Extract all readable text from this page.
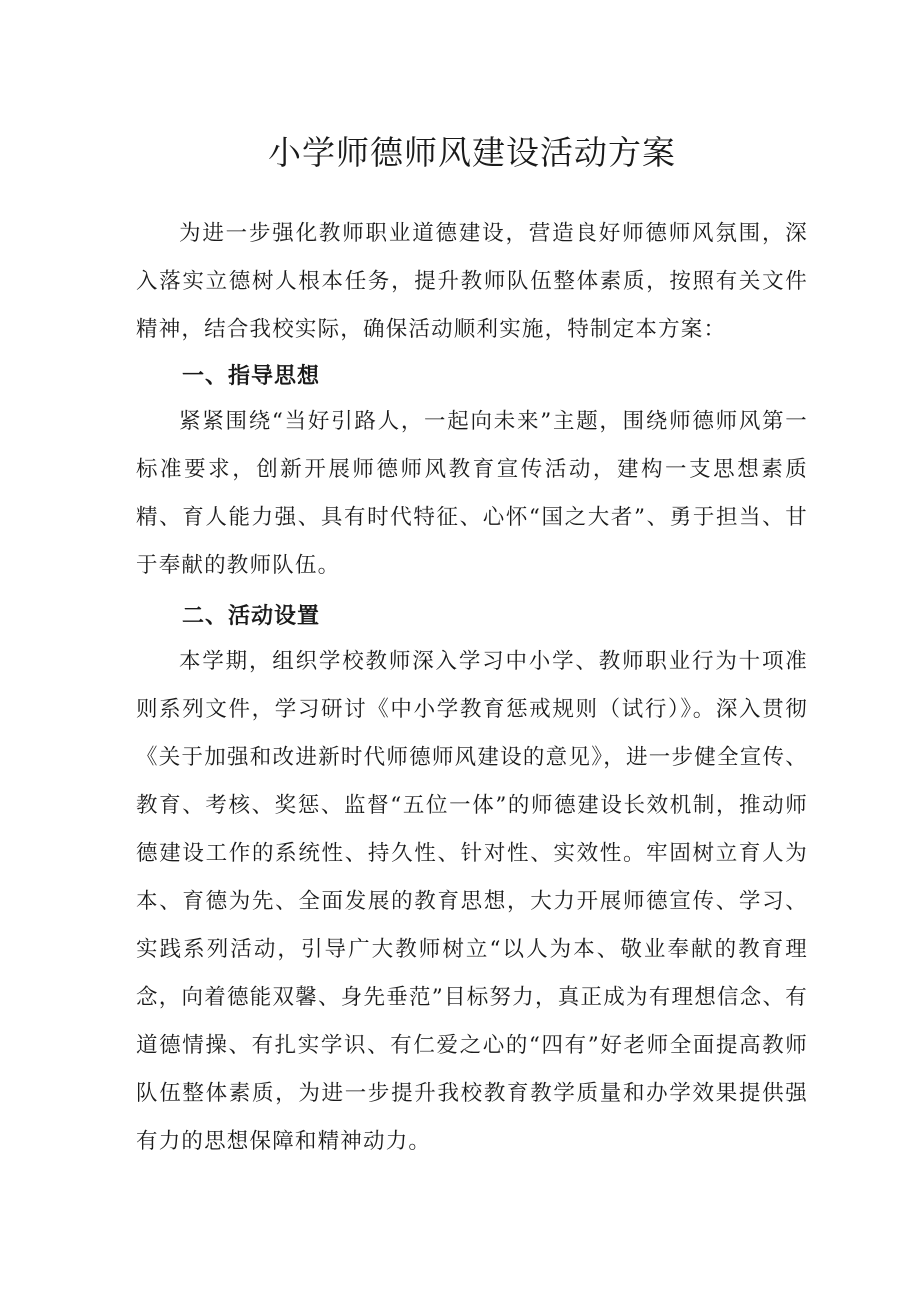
小学师德师风建设活动方案

为进一步强化教师职业道德建设，营造良好师德师风氛围，深入落实立德树人根本任务，提升教师队伍整体素质，按照有关文件精神，结合我校实际，确保活动顺利实施，特制定本方案：

一、指导思想

紧紧围绕“当好引路人，一起向未来”主题，围绕师德师风第一标准要求，创新开展师德师风教育宣传活动，建构一支思想素质精、育人能力强、具有时代特征、心怀“国之大者”、勇于担当、甘于奉献的教师队伍。

二、活动设置

本学期，组织学校教师深入学习中小学、教师职业行为十项准则系列文件，学习研讨《中小学教育惩戒规则（试行）》。深入贯彻《关于加强和改进新时代师德师风建设的意见》，进一步健全宣传、教育、考核、奖惩、监督“五位一体”的师德建设长效机制，推动师德建设工作的系统性、持久性、针对性、实效性。牢固树立育人为本、育德为先、全面发展的教育思想，大力开展师德宣传、学习、实践系列活动，引导广大教师树立“以人为本、敬业奉献的教育理念，向着德能双馨、身先垂范”目标努力，真正成为有理想信念、有道德情操、有扎实学识、有仁爱之心的“四有”好老师全面提高教师队伍整体素质，为进一步提升我校教育教学质量和办学效果提供强有力的思想保障和精神动力。
